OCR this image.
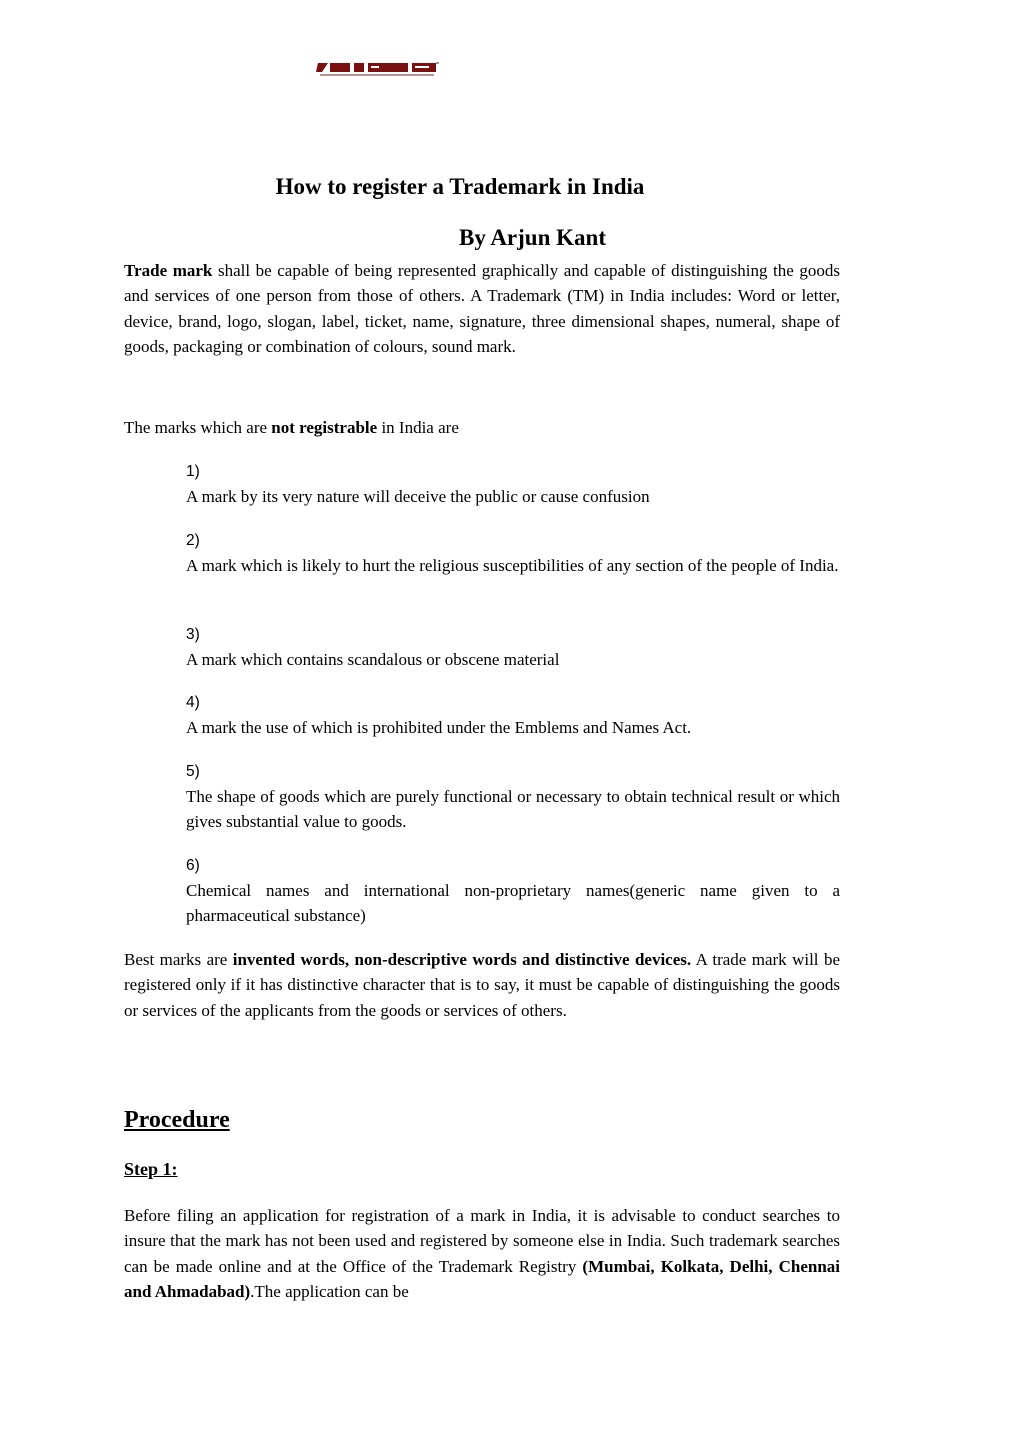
How to register a Trademark in India
By Arjun Kant

Trade mark shall be capable of being represented graphically and capable of distinguishing the goods and services of one person from those of others. A Trademark (TM) in India includes: Word or letter, device, brand, logo, slogan, label, ticket, name, signature, three dimensional shapes, numeral, shape of goods, packaging or combination of colours, sound mark.

The marks which are not registrable in India are

1)
A mark by its very nature will deceive the public or cause confusion
2)
A mark which is likely to hurt the religious susceptibilities of any section of the people of India.
3)
A mark which contains scandalous or obscene material
4)
A mark the use of which is prohibited under the Emblems and Names Act.
5)
The shape of goods which are purely functional or necessary to obtain technical result or which gives substantial value to goods.
6)
Chemical names and international non-proprietary names(generic name given to a pharmaceutical substance)

Best marks are invented words, non-descriptive words and distinctive devices. A trade mark will be registered only if it has distinctive character that is to say, it must be capable of distinguishing the goods or services of the applicants from the goods or services of others.

Procedure
Step 1:

Before filing an application for registration of a mark in India, it is advisable to conduct searches to insure that the mark has not been used and registered by someone else in India. Such trademark searches can be made online and at the Office of the Trademark Registry (Mumbai, Kolkata, Delhi, Chennai and Ahmadabad).The application can be
